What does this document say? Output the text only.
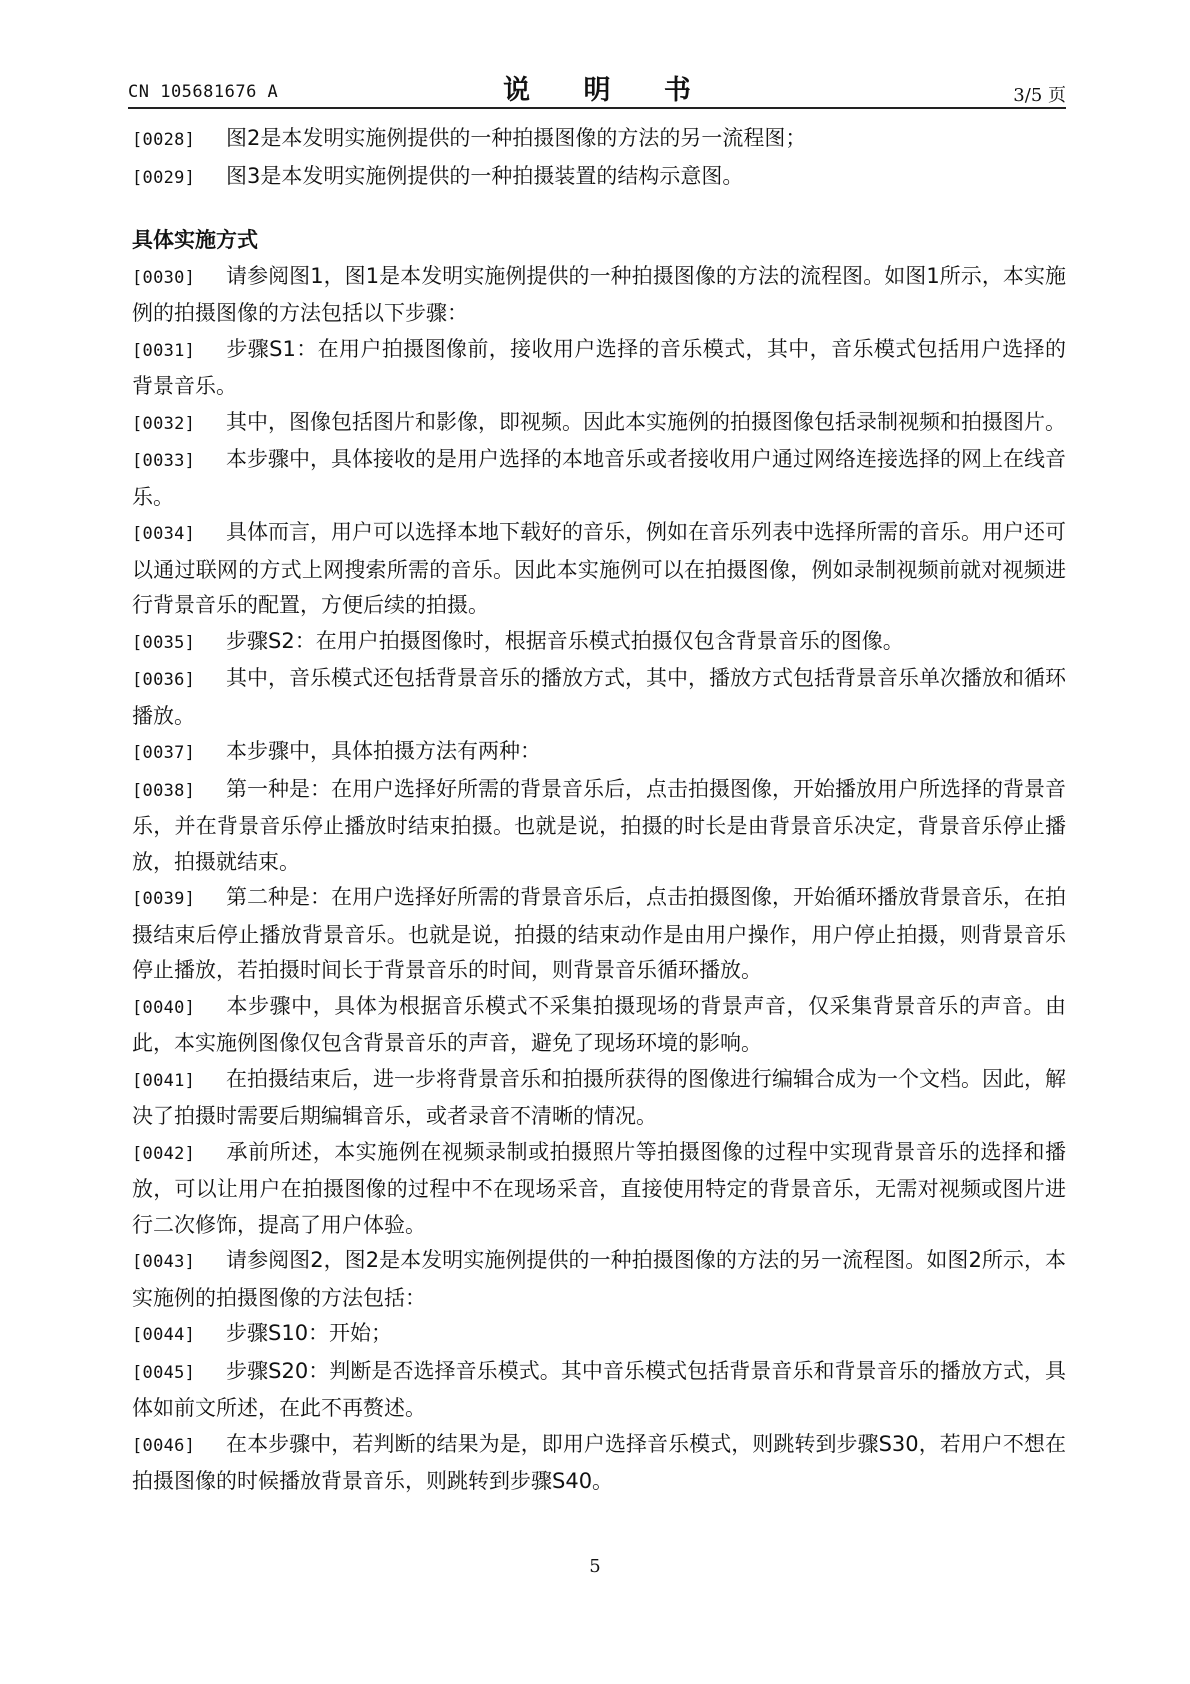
CN 105681676 A	说 明 书	3/5 页

[0028] 图2是本发明实施例提供的一种拍摄图像的方法的另一流程图；

[0029] 图3是本发明实施例提供的一种拍摄装置的结构示意图。

具体实施方式

[0030] 请参阅图1，图1是本发明实施例提供的一种拍摄图像的方法的流程图。如图1所示，本实施例的拍摄图像的方法包括以下步骤：

[0031] 步骤S1：在用户拍摄图像前，接收用户选择的音乐模式，其中，音乐模式包括用户选择的背景音乐。

[0032] 其中，图像包括图片和影像，即视频。因此本实施例的拍摄图像包括录制视频和拍摄图片。

[0033] 本步骤中，具体接收的是用户选择的本地音乐或者接收用户通过网络连接选择的网上在线音乐。

[0034] 具体而言，用户可以选择本地下载好的音乐，例如在音乐列表中选择所需的音乐。用户还可以通过联网的方式上网搜索所需的音乐。因此本实施例可以在拍摄图像，例如录制视频前就对视频进行背景音乐的配置，方便后续的拍摄。

[0035] 步骤S2：在用户拍摄图像时，根据音乐模式拍摄仅包含背景音乐的图像。

[0036] 其中，音乐模式还包括背景音乐的播放方式，其中，播放方式包括背景音乐单次播放和循环播放。

[0037] 本步骤中，具体拍摄方法有两种：

[0038] 第一种是：在用户选择好所需的背景音乐后，点击拍摄图像，开始播放用户所选择的背景音乐，并在背景音乐停止播放时结束拍摄。也就是说，拍摄的时长是由背景音乐决定，背景音乐停止播放，拍摄就结束。

[0039] 第二种是：在用户选择好所需的背景音乐后，点击拍摄图像，开始循环播放背景音乐，在拍摄结束后停止播放背景音乐。也就是说，拍摄的结束动作是由用户操作，用户停止拍摄，则背景音乐停止播放，若拍摄时间长于背景音乐的时间，则背景音乐循环播放。

[0040] 本步骤中，具体为根据音乐模式不采集拍摄现场的背景声音，仅采集背景音乐的声音。由此，本实施例图像仅包含背景音乐的声音，避免了现场环境的影响。

[0041] 在拍摄结束后，进一步将背景音乐和拍摄所获得的图像进行编辑合成为一个文档。因此，解决了拍摄时需要后期编辑音乐，或者录音不清晰的情况。

[0042] 承前所述，本实施例在视频录制或拍摄照片等拍摄图像的过程中实现背景音乐的选择和播放，可以让用户在拍摄图像的过程中不在现场采音，直接使用特定的背景音乐，无需对视频或图片进行二次修饰，提高了用户体验。

[0043] 请参阅图2，图2是本发明实施例提供的一种拍摄图像的方法的另一流程图。如图2所示，本实施例的拍摄图像的方法包括：

[0044] 步骤S10：开始；

[0045] 步骤S20：判断是否选择音乐模式。其中音乐模式包括背景音乐和背景音乐的播放方式，具体如前文所述，在此不再赘述。

[0046] 在本步骤中，若判断的结果为是，即用户选择音乐模式，则跳转到步骤S30，若用户不想在拍摄图像的时候播放背景音乐，则跳转到步骤S40。

5
